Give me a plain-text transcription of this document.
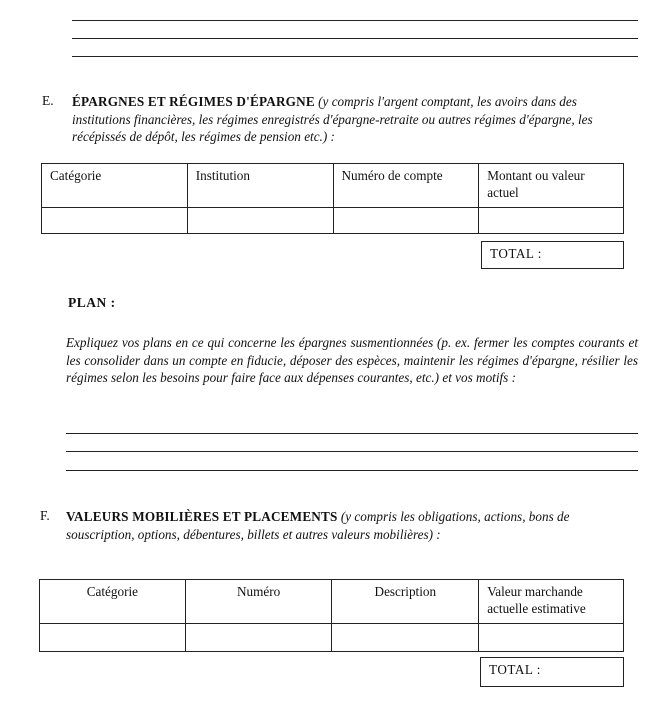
E. ÉPARGNES ET RÉGIMES D'ÉPARGNE (y compris l'argent comptant, les avoirs dans des institutions financières, les régimes enregistrés d'épargne-retraite ou autres régimes d'épargne, les récépissés de dépôt, les régimes de pension etc.) :
Catégorie	Institution	Numéro de compte	Montant ou valeur actuel

TOTAL :
PLAN :
Expliquez vos plans en ce qui concerne les épargnes susmentionnées (p. ex. fermer les comptes courants et les consolider dans un compte en fiducie, déposer des espèces, maintenir les régimes d'épargne, résilier les régimes selon les besoins pour faire face aux dépenses courantes, etc.) et vos motifs :
F. VALEURS MOBILIÈRES ET PLACEMENTS (y compris les obligations, actions, bons de souscription, options, débentures, billets et autres valeurs mobilières) :
Catégorie	Numéro	Description	Valeur marchande actuelle estimative

TOTAL :
